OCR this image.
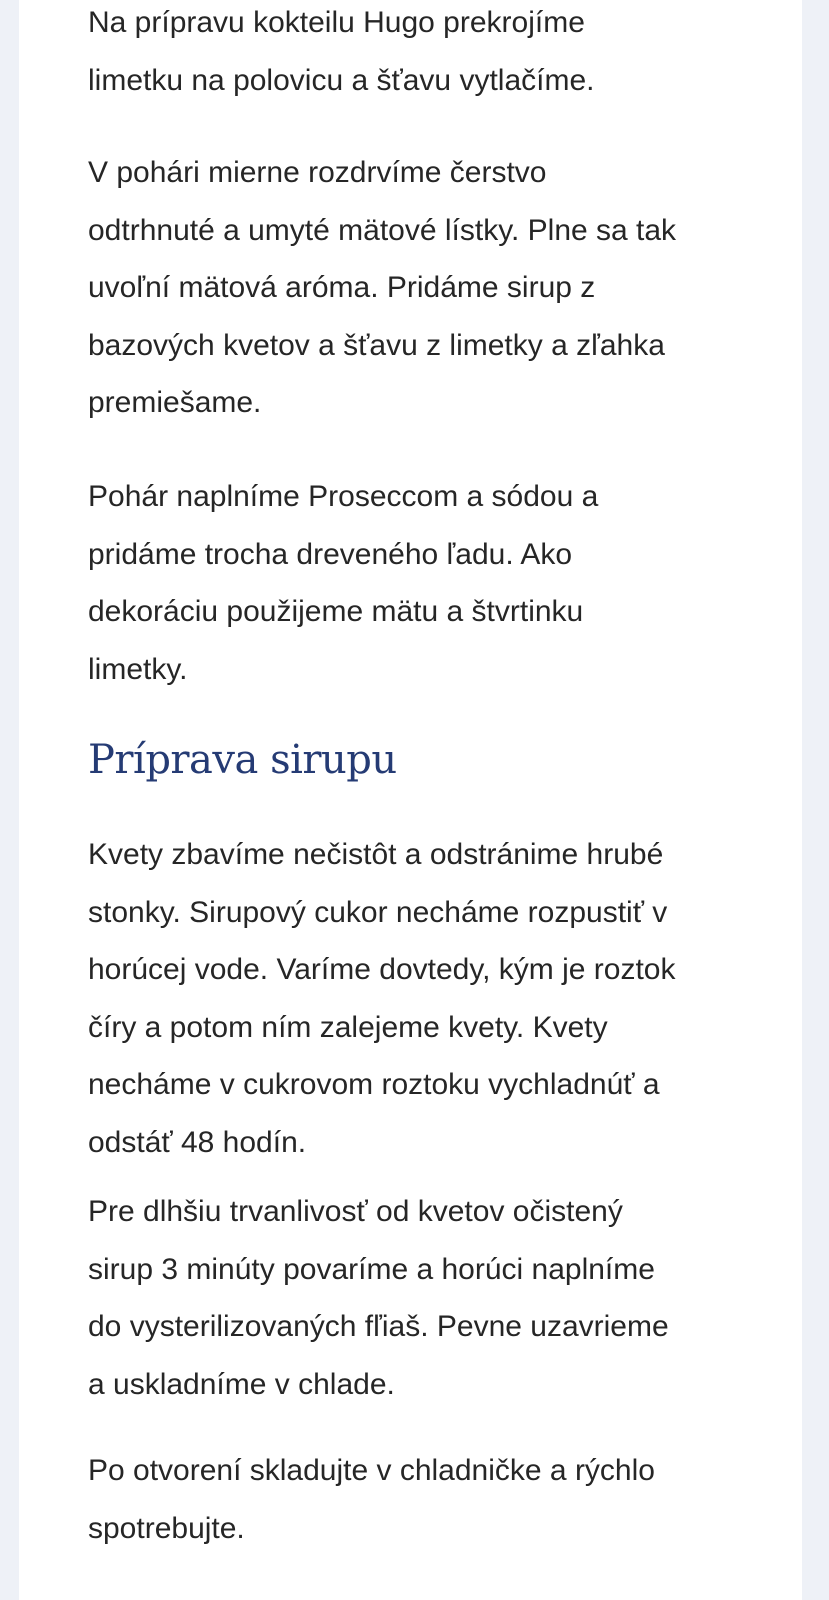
Na prípravu kokteilu Hugo prekrojíme
limetku na polovicu a šťavu vytlačíme.

V pohári mierne rozdrvíme čerstvo
odtrhnuté a umyté mätové lístky. Plne sa tak
uvoľní mätová aróma. Pridáme sirup z
bazových kvetov a šťavu z limetky a zľahka
premiešame.

Pohár naplníme Proseccom a sódou a
pridáme trocha dreveného ľadu. Ako
dekoráciu použijeme mätu a štvrtinku
limetky.

Príprava sirupu

Kvety zbavíme nečistôt a odstránime hrubé
stonky. Sirupový cukor necháme rozpustiť v
horúcej vode. Varíme dovtedy, kým je roztok
číry a potom ním zalejeme kvety. Kvety
necháme v cukrovom roztoku vychladnúť a
odstáť 48 hodín.

Pre dlhšiu trvanlivosť od kvetov očistený
sirup 3 minúty povaríme a horúci naplníme
do vysterilizovaných fľiaš. Pevne uzavrieme
a uskladníme v chlade.

Po otvorení skladujte v chladničke a rýchlo
spotrebujte.
